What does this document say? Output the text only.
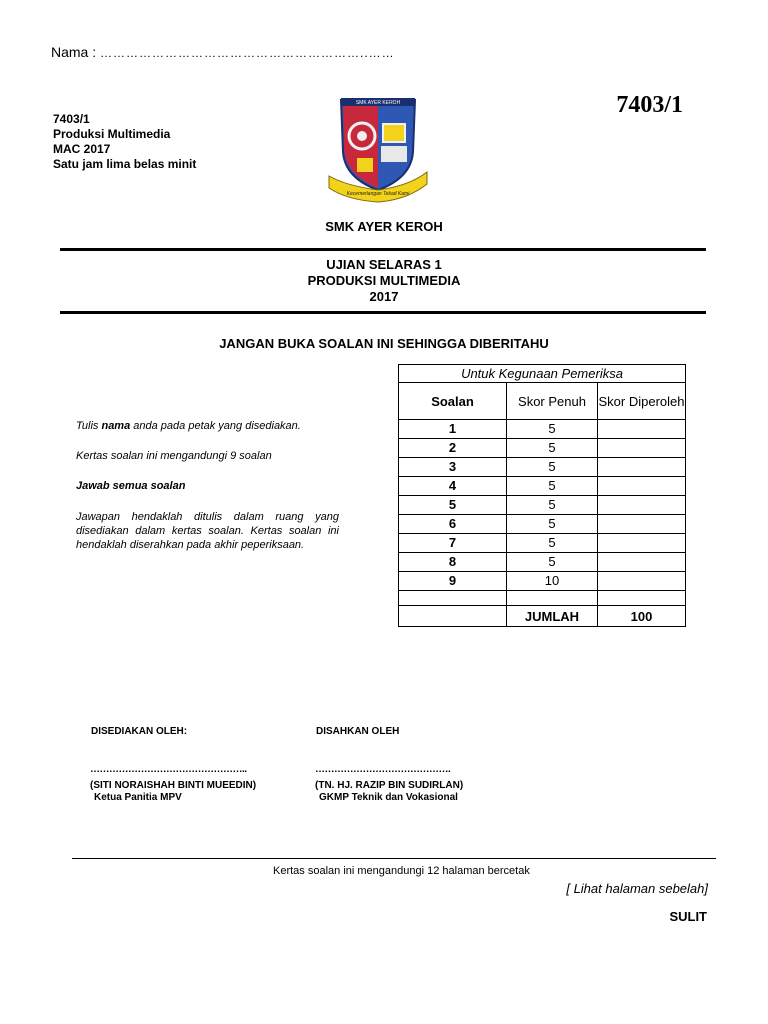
Nama : ……………………………………………………..……
7403/1
7403/1
Produksi Multimedia
MAC 2017
Satu jam lima belas minit
SMK AYER KEROH
Kecemerlangan Tekad Kami
SMK AYER KEROH
UJIAN SELARAS 1
PRODUKSI MULTIMEDIA
2017
JANGAN BUKA SOALAN INI SEHINGGA DIBERITAHU
Tulis nama anda pada petak yang disediakan.
Kertas soalan ini mengandungi 9 soalan
Jawab semua soalan
Jawapan hendaklah ditulis dalam ruang yang disediakan dalam kertas soalan. Kertas soalan ini hendaklah diserahkan pada akhir peperiksaan.
Untuk Kegunaan Pemeriksa		
Soalan	Skor Penuh	Skor Diperoleh
1	5	
2	5	
3	5	
4	5	
5	5	
6	5	
7	5	
8	5	
9	10	

	JUMLAH	100
DISEDIAKAN OLEH:	DISAHKAN OLEH
…………………………………………..	…………………………………….
(SITI NORAISHAH BINTI MUEEDIN)
Ketua Panitia MPV
(TN. HJ. RAZIP BIN SUDIRLAN)
GKMP Teknik dan Vokasional
Kertas soalan ini mengandungi 12 halaman bercetak
[ Lihat halaman sebelah]
SULIT
